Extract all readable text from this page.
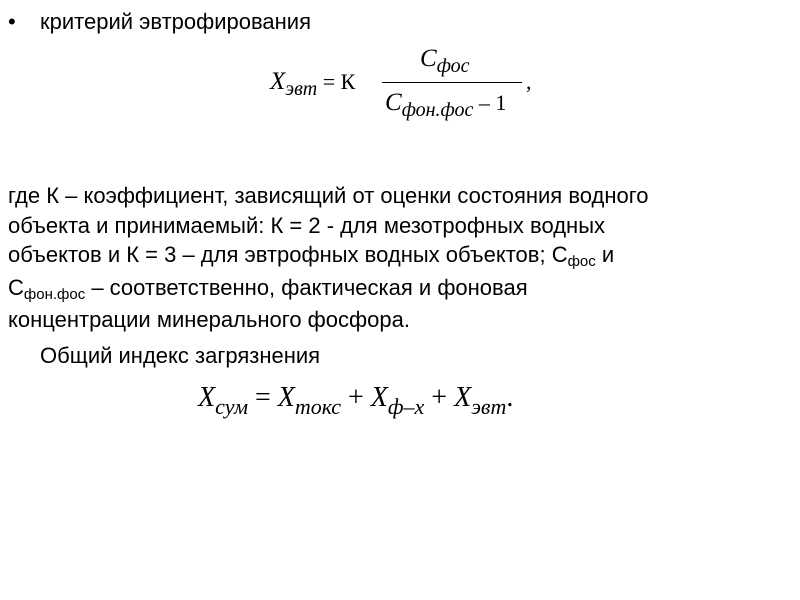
• критерий эвтрофирования
Xэвт = К
Сфос
Сфон.фос – 1
,

где К – коэффициент, зависящий от оценки состояния водного

объекта и принимаемый: К = 2 - для мезотрофных водных

объектов и К = 3 – для эвтрофных водных объектов; Сфос и

Сфон.фос – соответственно, фактическая и фоновая

концентрации минерального фосфора.

Общий индекс загрязнения
$X_{сум} = X_{токс} + X_{ф-х} + X_{эвт}$.
